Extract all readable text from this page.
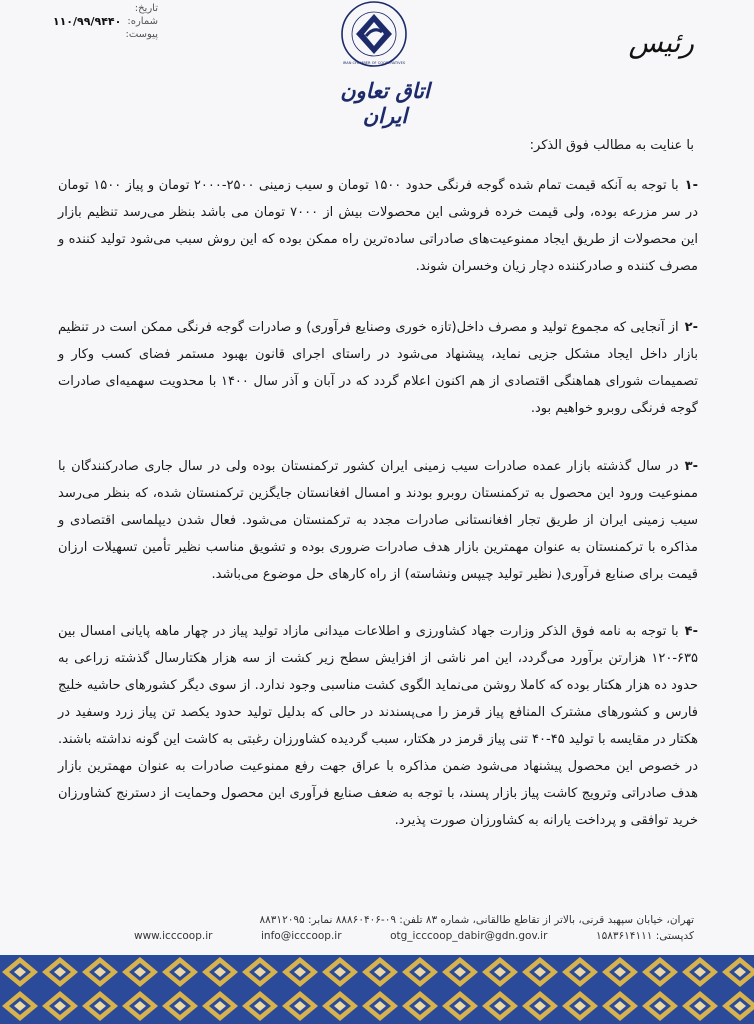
تاریخ:
شماره:
۱۱۰/۹۹/۹۴۴۰
پیوست:
IRAN CHAMBER OF COOPERATIVES
اتاق تعاون ایران
رئیس
با عنایت به مطالب فوق الذکر:
-۱با توجه به آنکه قیمت تمام شده گوجه فرنگی حدود ۱۵۰۰ تومان و سیب زمینی ۲۵۰۰-۲۰۰۰ تومان و پیاز ۱۵۰۰ تومان در سر مزرعه بوده، ولی قیمت خرده فروشی این محصولات بیش از ۷۰۰۰ تومان می باشد بنظر می‌رسد تنظیم بازار این محصولات از طریق ایجاد ممنوعیت‌های صادراتی ساده‌ترین راه ممکن بوده که این روش سبب می‌شود تولید کننده و مصرف کننده و صادرکننده دچار زیان وخسران شوند.
-۲از آنجایی که مجموع تولید و مصرف داخل(تازه خوری وصنایع فرآوری) و صادرات گوجه فرنگی ممکن است در تنظیم بازار داخل ایجاد مشکل جزیی نماید، پیشنهاد می‌شود در راستای اجرای قانون بهبود مستمر فضای کسب وکار و تصمیمات شورای هماهنگی اقتصادی از هم اکنون اعلام گردد که در آبان و آذر سال ۱۴۰۰ با محدویت سهمیه‌ای صادرات گوجه فرنگی روبرو خواهیم بود.
-۳در سال گذشته بازار عمده صادرات سیب زمینی ایران کشور ترکمنستان بوده ولی در سال جاری صادرکنندگان با ممنوعیت ورود این محصول به ترکمنستان روبرو بودند و امسال افغانستان جایگزین ترکمنستان شده، که بنظر می‌رسد سیب زمینی ایران از طریق تجار افغانستانی صادرات مجدد به ترکمنستان می‌شود. فعال شدن دیپلماسی اقتصادی و مذاکره با ترکمنستان به عنوان مهمترین بازار هدف صادرات ضروری بوده و تشویق مناسب نظیر تأمین تسهیلات ارزان قیمت برای صنایع فرآوری( نظیر تولید چیپس ونشاسته) از راه کارهای حل موضوع می‌باشد.
-۴با توجه به نامه فوق الذکر وزارت جهاد کشاورزی و اطلاعات میدانی مازاد تولید پیاز در چهار ماهه پایانی امسال بین ۶۳۵-۱۲۰ هزارتن برآورد می‌گردد، این امر ناشی از افزایش سطح زیر کشت از سه هزار هکتارسال گذشته زراعی به حدود ده هزار هکتار بوده که کاملا روشن می‌نماید الگوی کشت مناسبی وجود ندارد. از سوی دیگر کشورهای حاشیه خلیج فارس و کشورهای مشترک المنافع پیاز قرمز را می‌پسندند در حالی که بدلیل تولید حدود یکصد تن پیاز زرد وسفید در هکتار در مقایسه با تولید ۴۵-۴۰ تنی پیاز قرمز در هکتار، سبب گردیده کشاورزان رغبتی به کاشت این گونه نداشته باشند. در خصوص این محصول پیشنهاد می‌شود ضمن مذاکره با عراق جهت رفع ممنوعیت صادرات به عنوان مهمترین بازار هدف صادراتی وترویج کاشت پیاز بازار پسند، با توجه به ضعف صنایع فرآوری این محصول وحمایت از دسترنج کشاورزان خرید توافقی و پرداخت یارانه به کشاورزان صورت پذیرد.
تهران، خیابان سپهبد قرنی، بالاتر از تقاطع طالقانی، شماره ۸۳ تلفن: ۰۹-۸۸۸۶۰۴۰۶ نمابر: ۸۸۳۱۲۰۹۵
www.icccoop.ir	info@icccoop.ir	otg_icccoop_dabir@gdn.gov.ir	کدپستی: ۱۵۸۳۶۱۴۱۱۱
